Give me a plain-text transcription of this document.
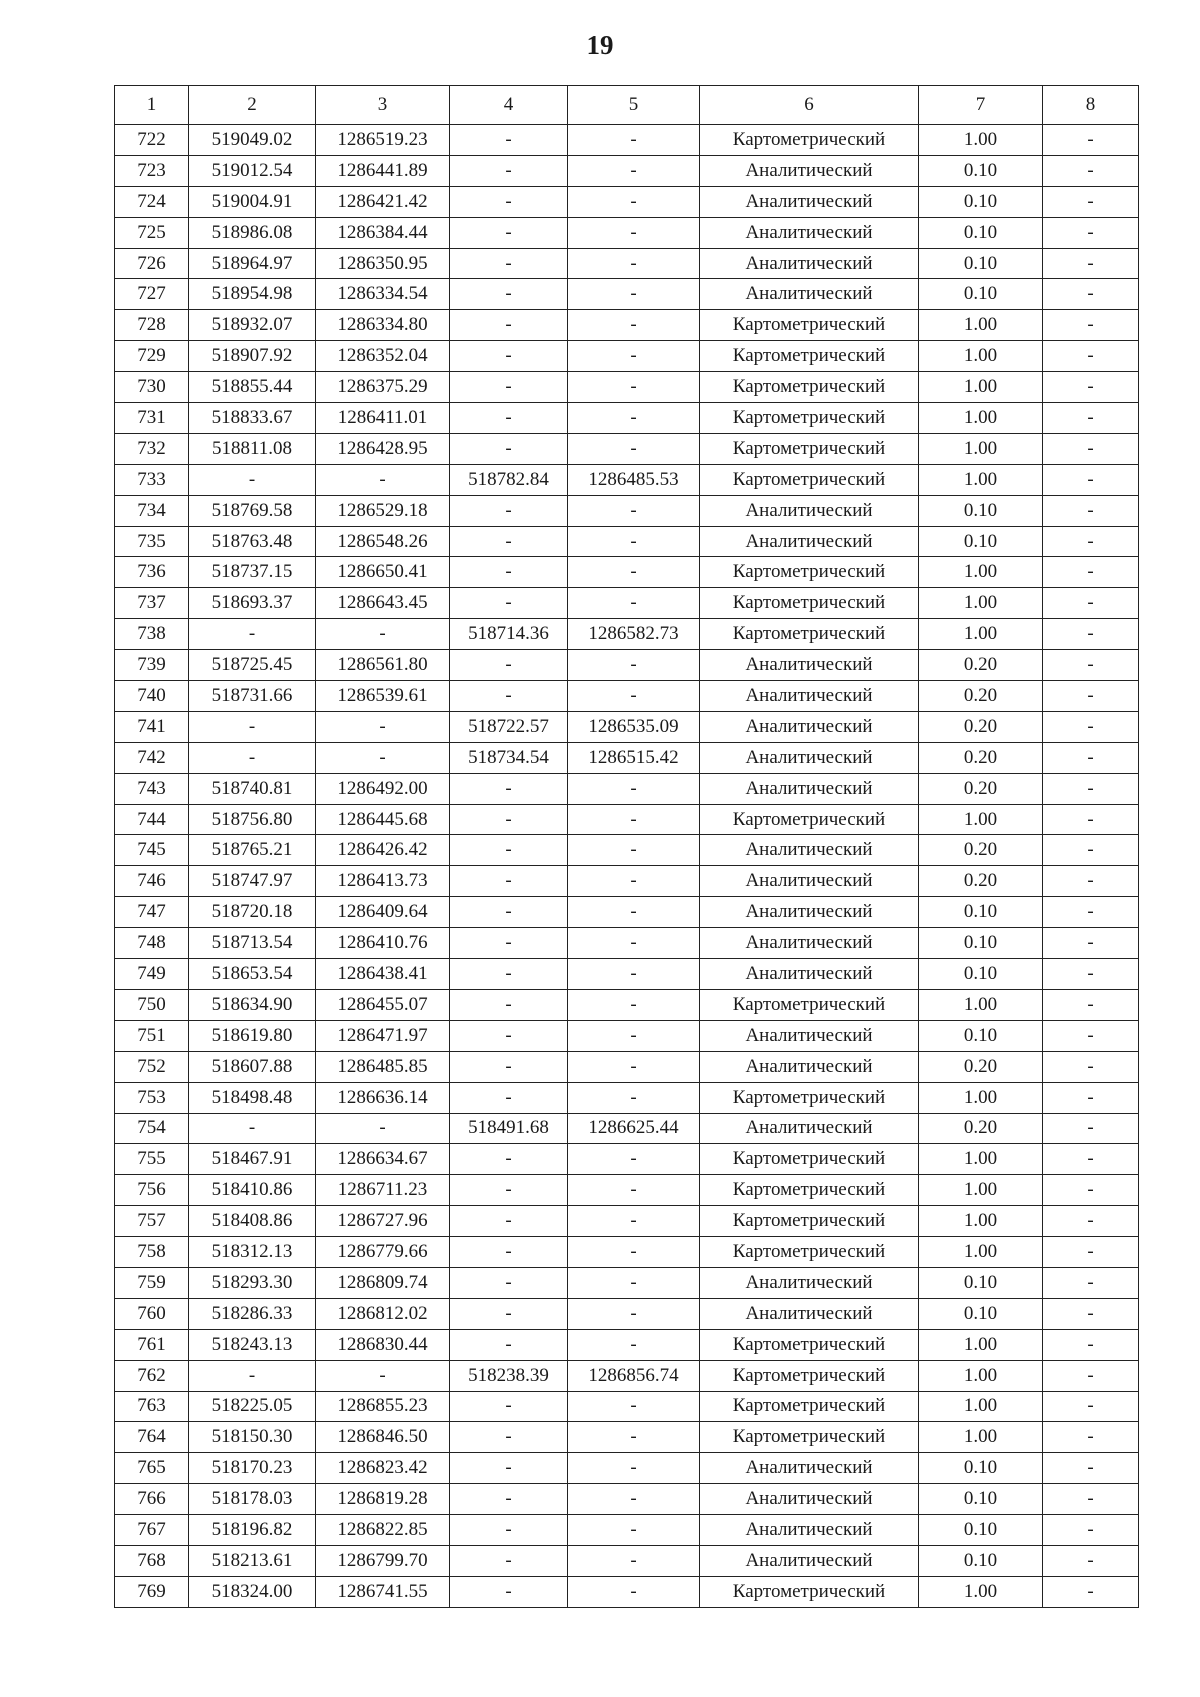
19
1	2	3	4	5	6	7	8
722	519049.02	1286519.23	-	-	Картометрический	1.00	-
723	519012.54	1286441.89	-	-	Аналитический	0.10	-
724	519004.91	1286421.42	-	-	Аналитический	0.10	-
725	518986.08	1286384.44	-	-	Аналитический	0.10	-
726	518964.97	1286350.95	-	-	Аналитический	0.10	-
727	518954.98	1286334.54	-	-	Аналитический	0.10	-
728	518932.07	1286334.80	-	-	Картометрический	1.00	-
729	518907.92	1286352.04	-	-	Картометрический	1.00	-
730	518855.44	1286375.29	-	-	Картометрический	1.00	-
731	518833.67	1286411.01	-	-	Картометрический	1.00	-
732	518811.08	1286428.95	-	-	Картометрический	1.00	-
733	-	-	518782.84	1286485.53	Картометрический	1.00	-
734	518769.58	1286529.18	-	-	Аналитический	0.10	-
735	518763.48	1286548.26	-	-	Аналитический	0.10	-
736	518737.15	1286650.41	-	-	Картометрический	1.00	-
737	518693.37	1286643.45	-	-	Картометрический	1.00	-
738	-	-	518714.36	1286582.73	Картометрический	1.00	-
739	518725.45	1286561.80	-	-	Аналитический	0.20	-
740	518731.66	1286539.61	-	-	Аналитический	0.20	-
741	-	-	518722.57	1286535.09	Аналитический	0.20	-
742	-	-	518734.54	1286515.42	Аналитический	0.20	-
743	518740.81	1286492.00	-	-	Аналитический	0.20	-
744	518756.80	1286445.68	-	-	Картометрический	1.00	-
745	518765.21	1286426.42	-	-	Аналитический	0.20	-
746	518747.97	1286413.73	-	-	Аналитический	0.20	-
747	518720.18	1286409.64	-	-	Аналитический	0.10	-
748	518713.54	1286410.76	-	-	Аналитический	0.10	-
749	518653.54	1286438.41	-	-	Аналитический	0.10	-
750	518634.90	1286455.07	-	-	Картометрический	1.00	-
751	518619.80	1286471.97	-	-	Аналитический	0.10	-
752	518607.88	1286485.85	-	-	Аналитический	0.20	-
753	518498.48	1286636.14	-	-	Картометрический	1.00	-
754	-	-	518491.68	1286625.44	Аналитический	0.20	-
755	518467.91	1286634.67	-	-	Картометрический	1.00	-
756	518410.86	1286711.23	-	-	Картометрический	1.00	-
757	518408.86	1286727.96	-	-	Картометрический	1.00	-
758	518312.13	1286779.66	-	-	Картометрический	1.00	-
759	518293.30	1286809.74	-	-	Аналитический	0.10	-
760	518286.33	1286812.02	-	-	Аналитический	0.10	-
761	518243.13	1286830.44	-	-	Картометрический	1.00	-
762	-	-	518238.39	1286856.74	Картометрический	1.00	-
763	518225.05	1286855.23	-	-	Картометрический	1.00	-
764	518150.30	1286846.50	-	-	Картометрический	1.00	-
765	518170.23	1286823.42	-	-	Аналитический	0.10	-
766	518178.03	1286819.28	-	-	Аналитический	0.10	-
767	518196.82	1286822.85	-	-	Аналитический	0.10	-
768	518213.61	1286799.70	-	-	Аналитический	0.10	-
769	518324.00	1286741.55	-	-	Картометрический	1.00	-
